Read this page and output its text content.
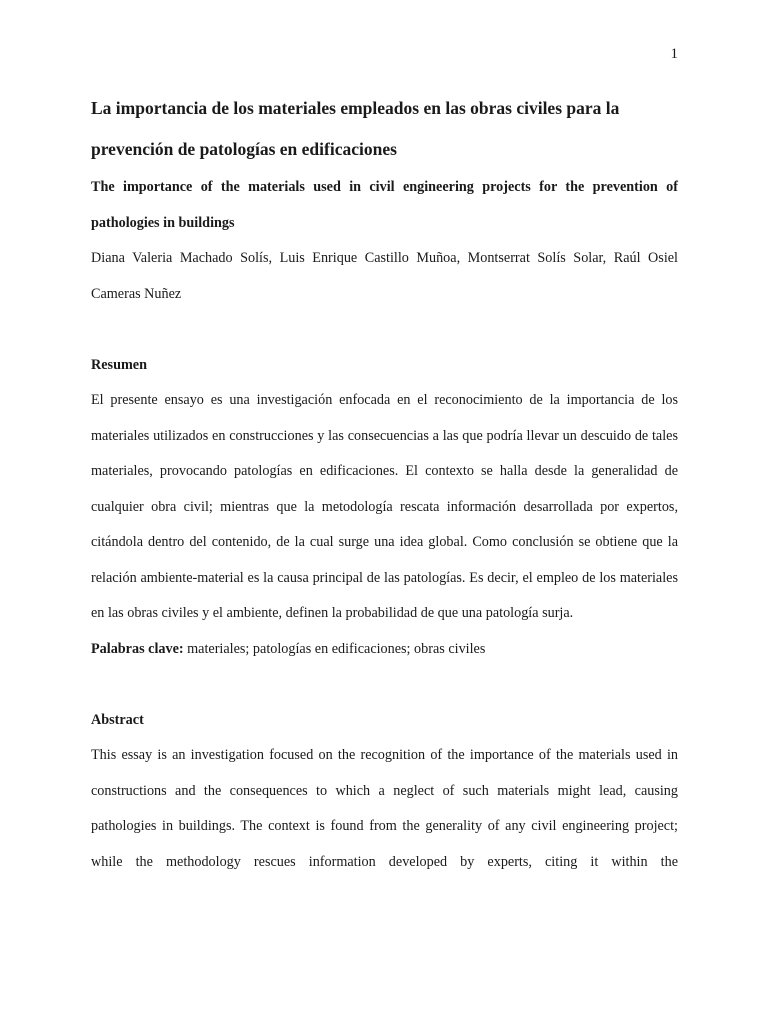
1

La importancia de los materiales empleados en las obras civiles para la prevención de patologías en edificaciones

The importance of the materials used in civil engineering projects for the prevention of pathologies in buildings

Diana Valeria Machado Solís, Luis Enrique Castillo Muñoa, Montserrat Solís Solar, Raúl Osiel Cameras Nuñez

Resumen

El presente ensayo es una investigación enfocada en el reconocimiento de la importancia de los materiales utilizados en construcciones y las consecuencias a las que podría llevar un descuido de tales materiales, provocando patologías en edificaciones. El contexto se halla desde la generalidad de cualquier obra civil; mientras que la metodología rescata información desarrollada por expertos, citándola dentro del contenido, de la cual surge una idea global. Como conclusión se obtiene que la relación ambiente-material es la causa principal de las patologías. Es decir, el empleo de los materiales en las obras civiles y el ambiente, definen la probabilidad de que una patología surja.

Palabras clave: materiales; patologías en edificaciones; obras civiles

Abstract

This essay is an investigation focused on the recognition of the importance of the materials used in constructions and the consequences to which a neglect of such materials might lead, causing pathologies in buildings. The context is found from the generality of any civil engineering project; while the methodology rescues information developed by experts, citing it within the
